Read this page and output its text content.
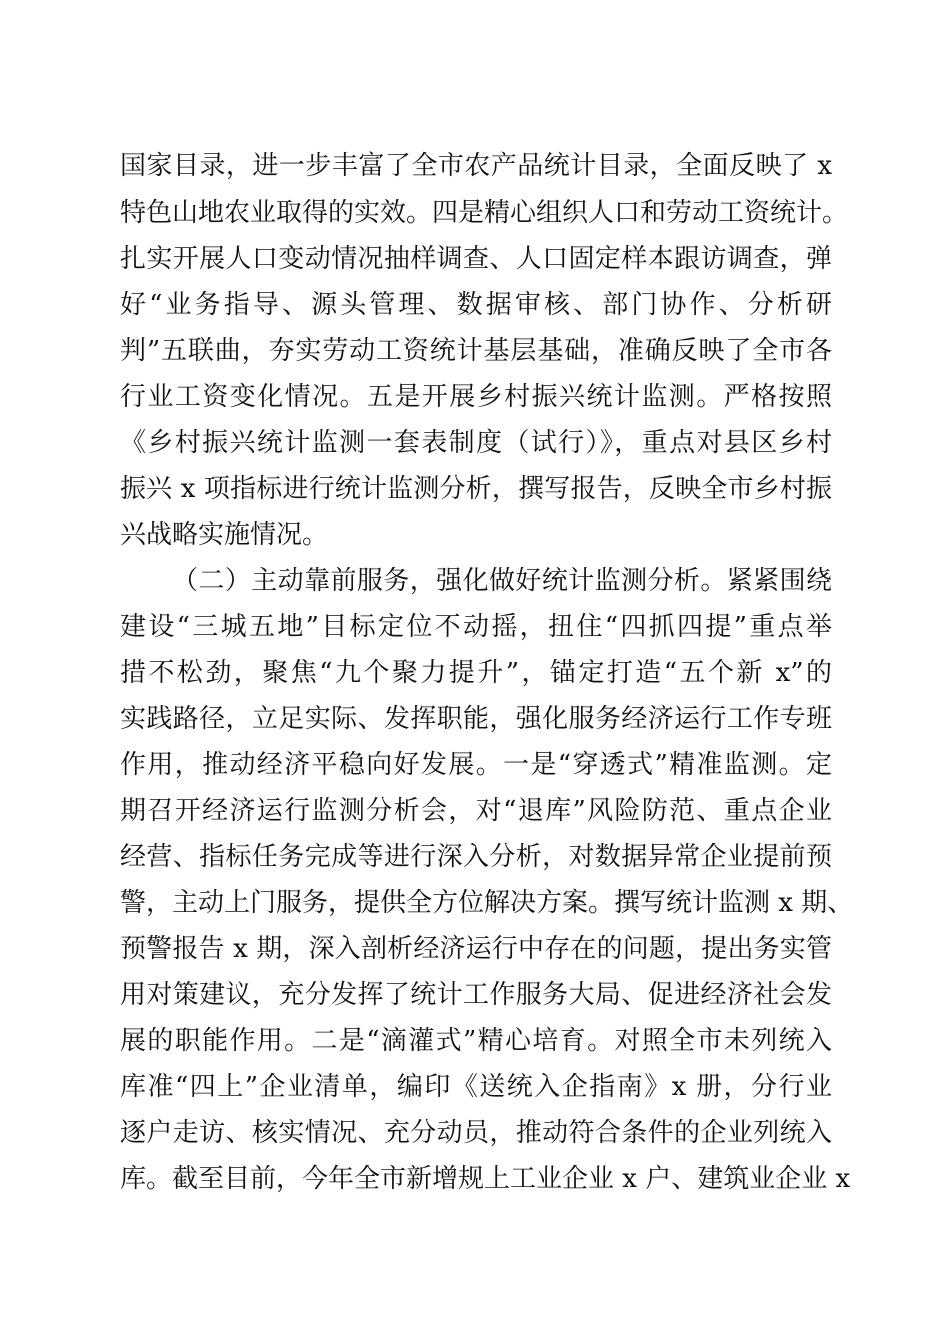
国家目录，进一步丰富了全市农产品统计目录，全面反映了 x
特色山地农业取得的实效。四是精心组织人口和劳动工资统计。
扎实开展人口变动情况抽样调查、人口固定样本跟访调查，弹
好“业务指导、源头管理、数据审核、部门协作、分析研
判”五联曲，夯实劳动工资统计基层基础，准确反映了全市各
行业工资变化情况。五是开展乡村振兴统计监测。严格按照
《乡村振兴统计监测一套表制度（试行）》，重点对县区乡村
振兴 x 项指标进行统计监测分析，撰写报告，反映全市乡村振
兴战略实施情况。
（二）主动靠前服务，强化做好统计监测分析。紧紧围绕
建设“三城五地”目标定位不动摇，扭住“四抓四提”重点举
措不松劲，聚焦“九个聚力提升”，锚定打造“五个新 x”的
实践路径，立足实际、发挥职能，强化服务经济运行工作专班
作用，推动经济平稳向好发展。一是“穿透式”精准监测。定
期召开经济运行监测分析会，对“退库”风险防范、重点企业
经营、指标任务完成等进行深入分析，对数据异常企业提前预
警，主动上门服务，提供全方位解决方案。撰写统计监测 x 期、
预警报告 x 期，深入剖析经济运行中存在的问题，提出务实管
用对策建议，充分发挥了统计工作服务大局、促进经济社会发
展的职能作用。二是“滴灌式”精心培育。对照全市未列统入
库准“四上”企业清单，编印《送统入企指南》x 册，分行业
逐户走访、核实情况、充分动员，推动符合条件的企业列统入
库。截至目前，今年全市新增规上工业企业 x 户、建筑业企业 x
